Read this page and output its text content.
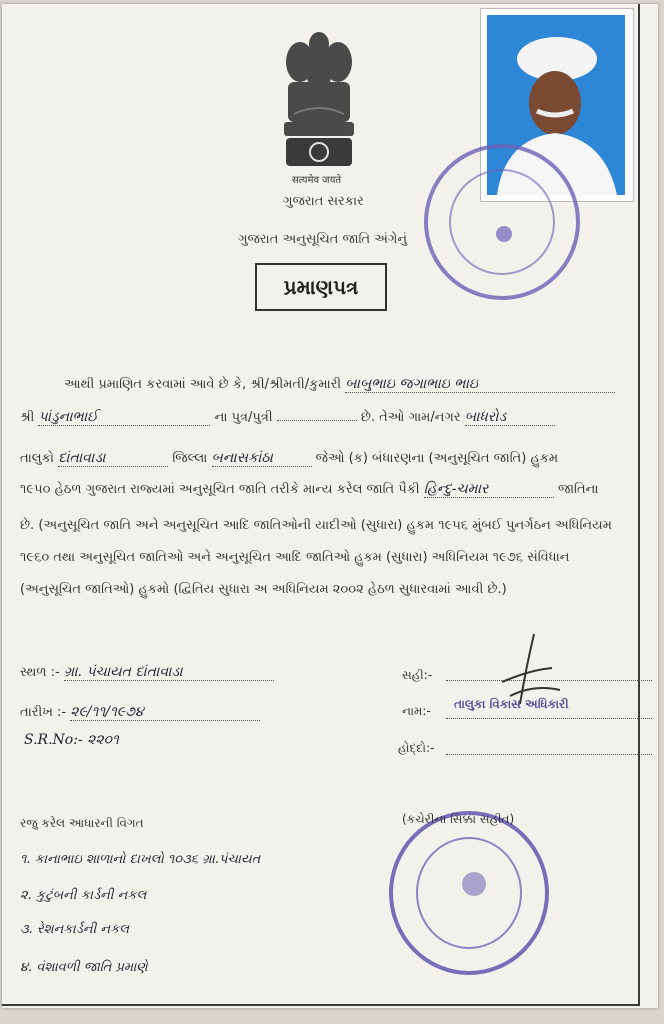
सत्यमेव जयते
ગુજરાત સરકાર
ગુજરાત અનુસૂચિત જાતિ અંગેનું
પ્રમાણપત્ર
આથી પ્રમાણિત કરવામાં આવે છે કે, શ્રી/શ્રીમતી/કુમારી બાબુભાઇ જગાભાઇ ભાઇ
શ્રી પાંડુનાભાઈ	ના પુત્ર/પુત્રી	છે. તેઓ ગામ/નગર બાધરોડ
તાલુકો દાંતાવાડા	જિલ્લા બનાસકાંઠા	જેઓ (ક) બંધારણના (અનુસૂચિત જાતિ) હુકમ
૧૯૫૦ હેઠળ ગુજરાત રાજ્યમાં અનુસૂચિત જાતિ તરીકે માન્ય કરેલ જાતિ પૈકી હિન્દુ-ચમાર	જાતિના
છે. (અનુસૂચિત જાતિ અને અનુસૂચિત આદિ જાતિઓની યાદીઓ (સુધારા) હુકમ ૧૯૫૬ મુંબઈ પુનર્ગઠન અધિનિયમ
૧૯૬૦ તથા અનુસૂચિત જાતિઓ અને અનુસૂચિત આદિ જાતિઓ હુકમ (સુધારા) અધિનિયમ ૧૯૭૬ સંવિધાન
(અનુસૂચિત જાતિઓ) હુકમો (દ્વિતિય સુધારા અ અધિનિયમ ૨૦૦૨ હેઠળ સુધારવામાં આવી છે.)
સ્થળ :- ગ્રા. પંચાયત દાંતાવાડા
તારીખ :- ૨૯/૧૧/૧૯૭૪
S.R.No:- ૨૨૦૧
સહી:-
નામ:- તાલુકા વિકાસ અધિકારી
હોદ્દો:-
રજુ કરેલ આધારની વિગત	(કચેરીના સિક્કા સહીત)
૧. કાનાભાઇ શાળાનો દાખલો ૧૦૩૬ ગ્રા.પંચાયત
૨. કુટુંબની કાર્ડની નકલ
૩. રેશનકાર્ડની નકલ
૪. વંશાવળી જાતિ પ્રમાણે
